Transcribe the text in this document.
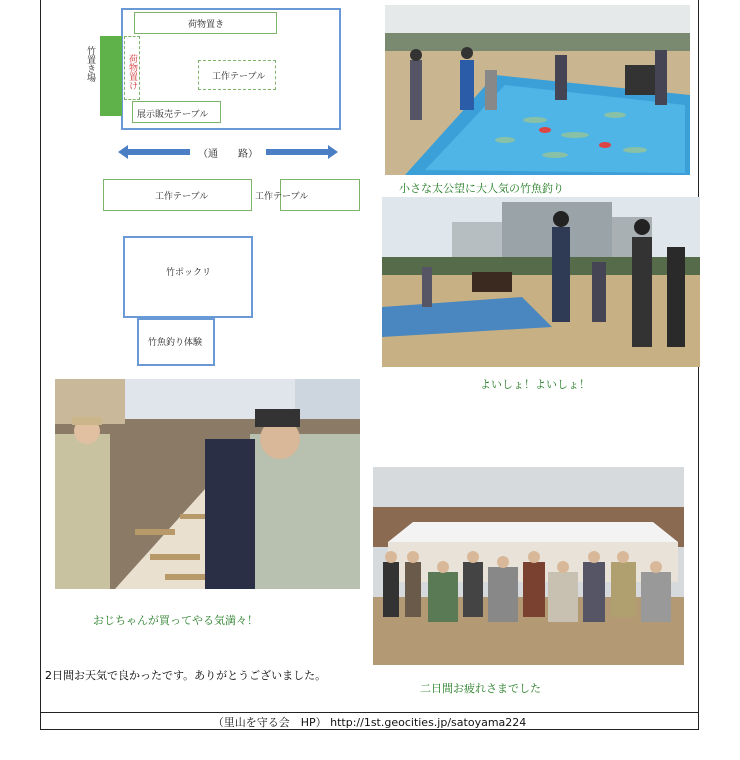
荷物置き
竹置き場	荷物置け	工作テーブル
展示販売テーブル
（通　　路）
工作テーブル	工作テーブル
竹ポックリ
竹魚釣り体験
小さな太公望に大人気の竹魚釣り
よいしょ！よいしょ！
おじちゃんが買ってやる気満々！
二日間お疲れさまでした
2日間お天気で良かったです。ありがとうございました。
（里山を守る会　HP） http://1st.geocities.jp/satoyama224
